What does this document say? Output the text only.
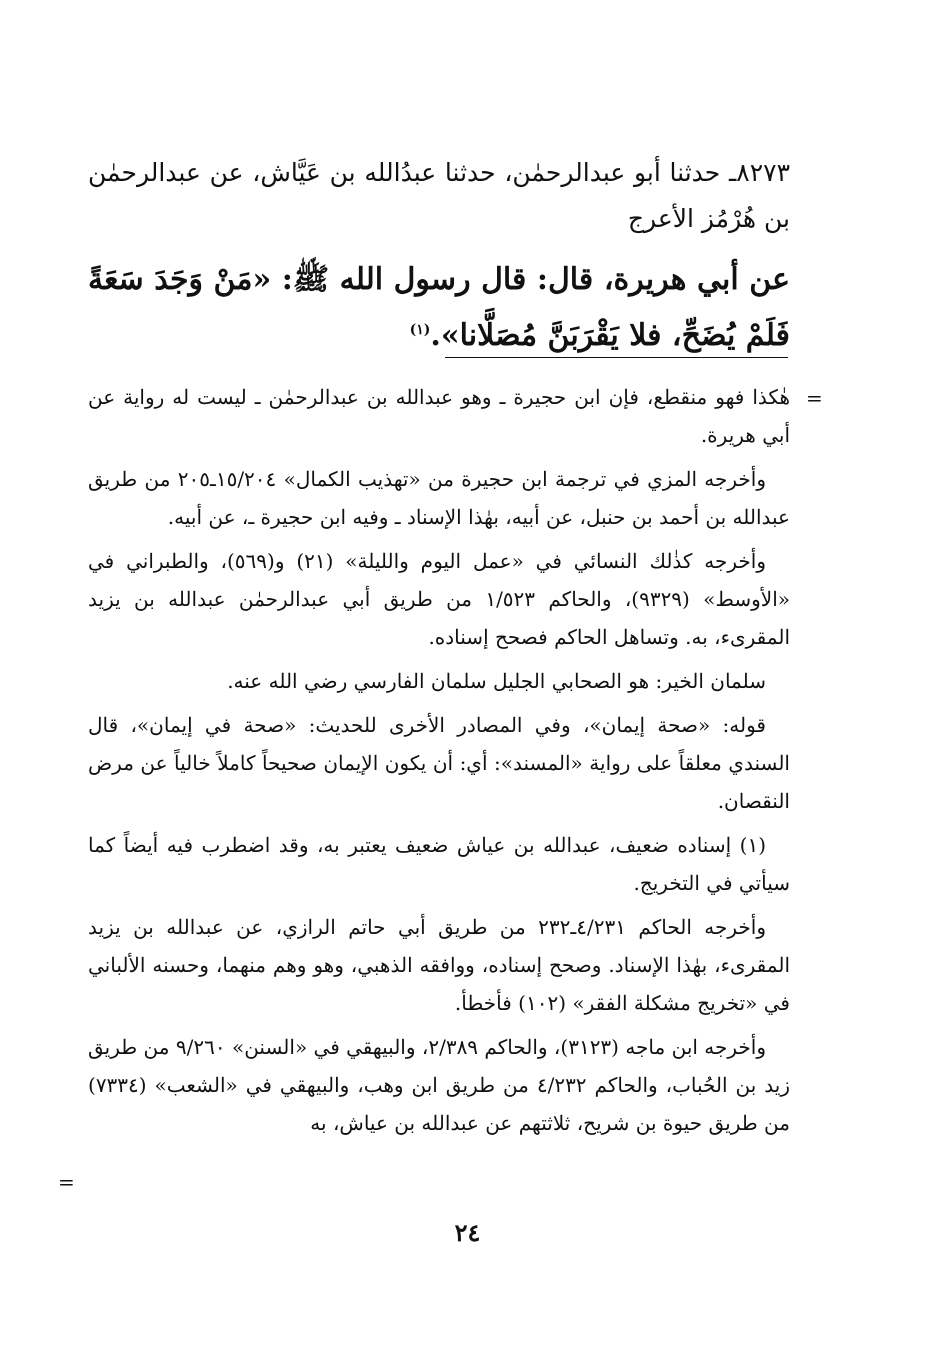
٨٢٧٣ـ حدثنا أبو عبدالرحمٰن، حدثنا عبدُالله بن عَيَّاش، عن عبدالرحمٰن بن هُرْمُز الأعرج

عن أبي هريرة، قال: قال رسول الله ﷺ: «مَنْ وَجَدَ سَعَةً فَلَمْ يُضَحِّ، فلا يَقْرَبَنَّ مُصَلَّانا».$^{(١)}$

=

هٰكذا فهو منقطع، فإن ابن حجيرة ـ وهو عبدالله بن عبدالرحمٰن ـ ليست له رواية عن أبي هريرة.

وأخرجه المزي في ترجمة ابن حجيرة من «تهذيب الكمال» ١٥/٢٠٤ـ٢٠٥ من طريق عبدالله بن أحمد بن حنبل، عن أبيه، بهٰذا الإسناد ـ وفيه ابن حجيرة ـ، عن أبيه.

وأخرجه كذٰلك النسائي في «عمل اليوم والليلة» (٢١) و(٥٦٩)، والطبراني في «الأوسط» (٩٣٢٩)، والحاكم ١/٥٢٣ من طريق أبي عبدالرحمٰن عبدالله بن يزيد المقرىء، به. وتساهل الحاكم فصحح إسناده.

سلمان الخير: هو الصحابي الجليل سلمان الفارسي رضي الله عنه.

قوله: «صحة إيمان»، وفي المصادر الأخرى للحديث: «صحة في إيمان»، قال السندي معلقاً على رواية «المسند»: أي: أن يكون الإيمان صحيحاً كاملاً خالياً عن مرض النقصان.

(١) إسناده ضعيف، عبدالله بن عياش ضعيف يعتبر به، وقد اضطرب فيه أيضاً كما سيأتي في التخريج.

وأخرجه الحاكم ٤/٢٣١ـ٢٣٢ من طريق أبي حاتم الرازي، عن عبدالله بن يزيد المقرىء، بهٰذا الإسناد. وصحح إسناده، ووافقه الذهبي، وهو وهم منهما، وحسنه الألباني في «تخريج مشكلة الفقر» (١٠٢) فأخطأ.

وأخرجه ابن ماجه (٣١٢٣)، والحاكم ٢/٣٨٩، والبيهقي في «السنن» ٩/٢٦٠ من طريق زيد بن الحُباب، والحاكم ٤/٢٣٢ من طريق ابن وهب، والبيهقي في «الشعب» (٧٣٣٤) من طريق حيوة بن شريح، ثلاثتهم عن عبدالله بن عياش، به

=
٢٤
